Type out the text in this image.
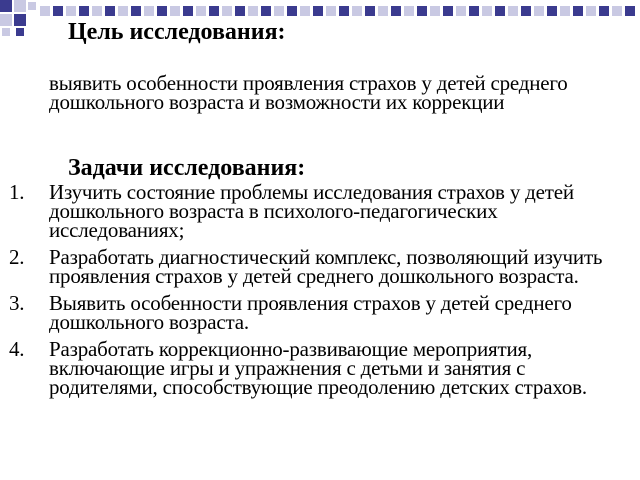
Цель исследования:
выявить особенности проявления страхов у детей среднего дошкольного возраста и возможности их коррекции
Задачи исследования:
1. Изучить состояние проблемы исследования страхов у детей дошкольного возраста в психолого-педагогических исследованиях;
2. Разработать диагностический комплекс, позволяющий изучить проявления страхов у детей среднего дошкольного возраста.
3. Выявить особенности проявления страхов у детей среднего дошкольного возраста.
4. Разработать коррекционно-развивающие мероприятия, включающие игры и упражнения с детьми и занятия с родителями, способствующие преодолению детских страхов.
